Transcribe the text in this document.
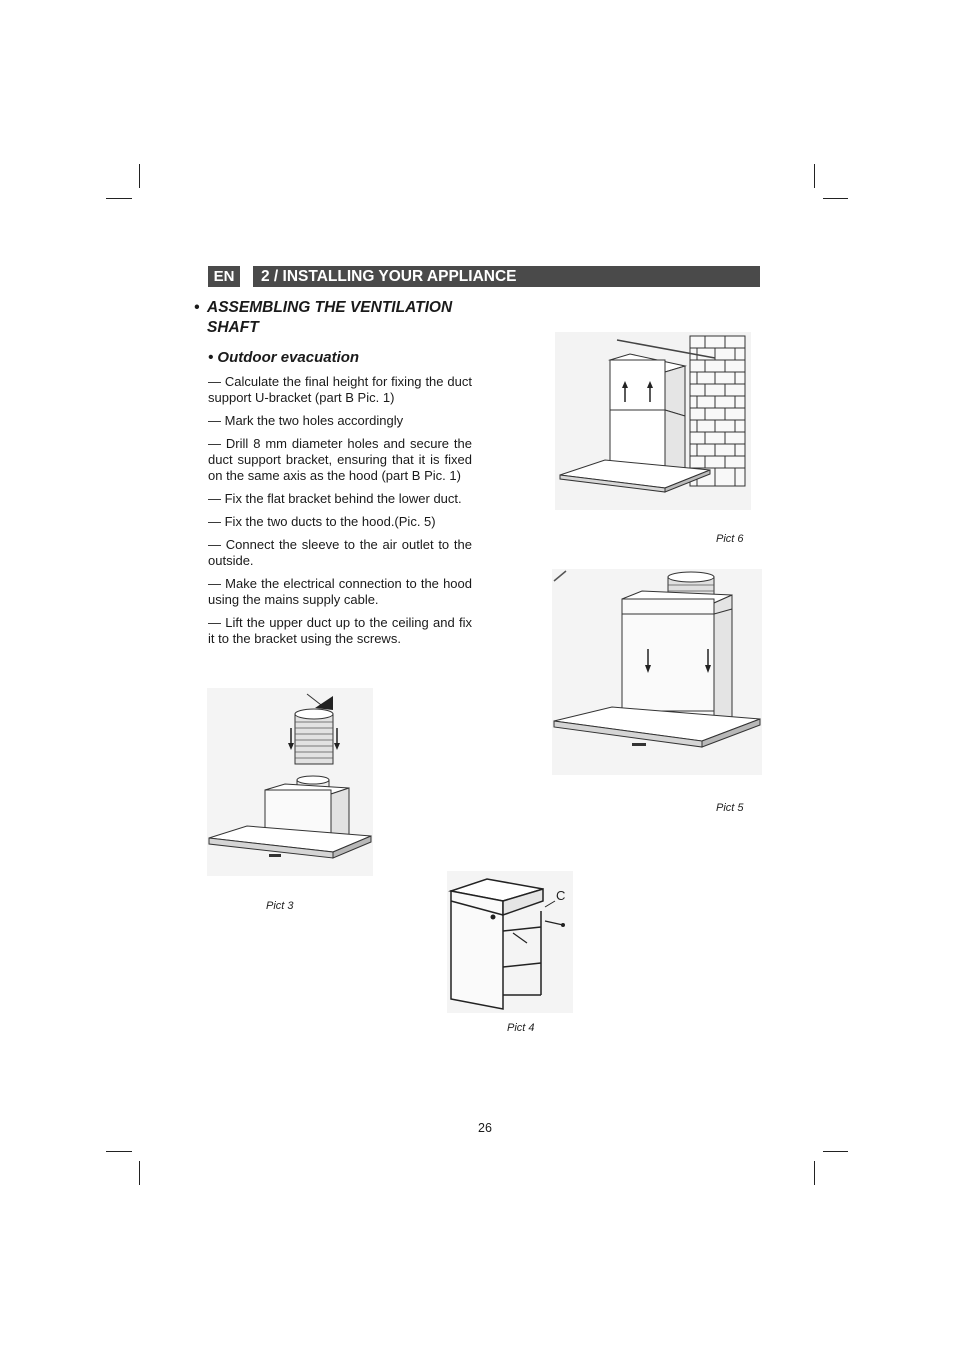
EN	2 / INSTALLING YOUR APPLIANCE
• ASSEMBLING THE VENTILATION SHAFT
• Outdoor evacuation

— Calculate the final height for fixing the duct support U-bracket (part B Pic. 1)

— Mark the two holes accordingly

— Drill 8 mm diameter holes and secure the duct support bracket, ensuring that it is fixed on the same axis as the hood (part B Pic. 1)

— Fix the flat bracket behind the lower duct.

— Fix the two ducts to the hood.(Pic. 5)

— Connect the sleeve to the air outlet to the outside.

— Make the electrical connection to the hood using the mains supply cable.

— Lift the upper duct up to the ceiling and fix it to the bracket using the screws.

Pict 6
Pict 5
Pict 3
C
Pict 4
26
